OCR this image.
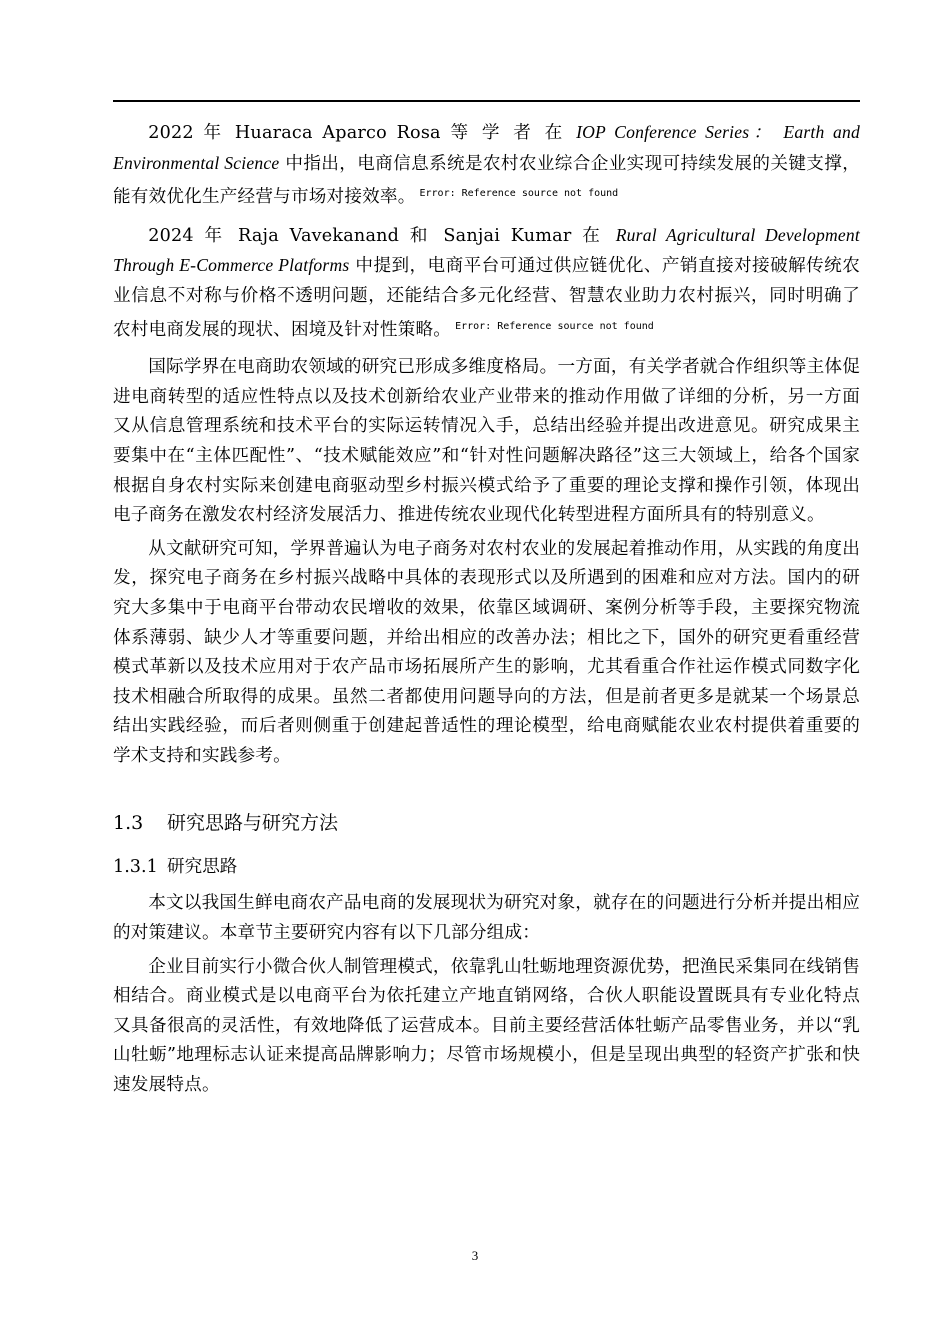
2022 年 Huaraca Aparco Rosa 等 学 者 在 IOP Conference Series： Earth and Environmental Science 中指出，电商信息系统是农村农业综合企业实现可持续发展的关键支撑，能有效优化生产经营与市场对接效率。 $^{Error: Reference source not found}$

2024 年 Raja Vavekanand 和 Sanjai Kumar 在 Rural Agricultural Development Through E-Commerce Platforms 中提到，电商平台可通过供应链优化、产销直接对接破解传统农业信息不对称与价格不透明问题，还能结合多元化经营、智慧农业助力农村振兴，同时明确了农村电商发展的现状、困境及针对性策略。 $^{Error: Reference source not found}$

国际学界在电商助农领域的研究已形成多维度格局。一方面，有关学者就合作组织等主体促进电商转型的适应性特点以及技术创新给农业产业带来的推动作用做了详细的分析，另一方面又从信息管理系统和技术平台的实际运转情况入手，总结出经验并提出改进意见。研究成果主要集中在“主体匹配性”、“技术赋能效应”和“针对性问题解决路径”这三大领域上，给各个国家根据自身农村实际来创建电商驱动型乡村振兴模式给予了重要的理论支撑和操作引领，体现出电子商务在激发农村经济发展活力、推进传统农业现代化转型进程方面所具有的特别意义。

从文献研究可知，学界普遍认为电子商务对农村农业的发展起着推动作用，从实践的角度出发，探究电子商务在乡村振兴战略中具体的表现形式以及所遇到的困难和应对方法。国内的研究大多集中于电商平台带动农民增收的效果，依靠区域调研、案例分析等手段，主要探究物流体系薄弱、缺少人才等重要问题，并给出相应的改善办法；相比之下，国外的研究更看重经营模式革新以及技术应用对于农产品市场拓展所产生的影响，尤其看重合作社运作模式同数字化技术相融合所取得的成果。虽然二者都使用问题导向的方法，但是前者更多是就某一个场景总结出实践经验，而后者则侧重于创建起普适性的理论模型，给电商赋能农业农村提供着重要的学术支持和实践参考。

1.3 研究思路与研究方法
1.3.1 研究思路

本文以我国生鲜电商农产品电商的发展现状为研究对象，就存在的问题进行分析并提出相应的对策建议。本章节主要研究内容有以下几部分组成：

企业目前实行小微合伙人制管理模式，依靠乳山牡蛎地理资源优势，把渔民采集同在线销售相结合。商业模式是以电商平台为依托建立产地直销网络，合伙人职能设置既具有专业化特点又具备很高的灵活性，有效地降低了运营成本。目前主要经营活体牡蛎产品零售业务，并以“乳山牡蛎”地理标志认证来提高品牌影响力；尽管市场规模小，但是呈现出典型的轻资产扩张和快速发展特点。

3
